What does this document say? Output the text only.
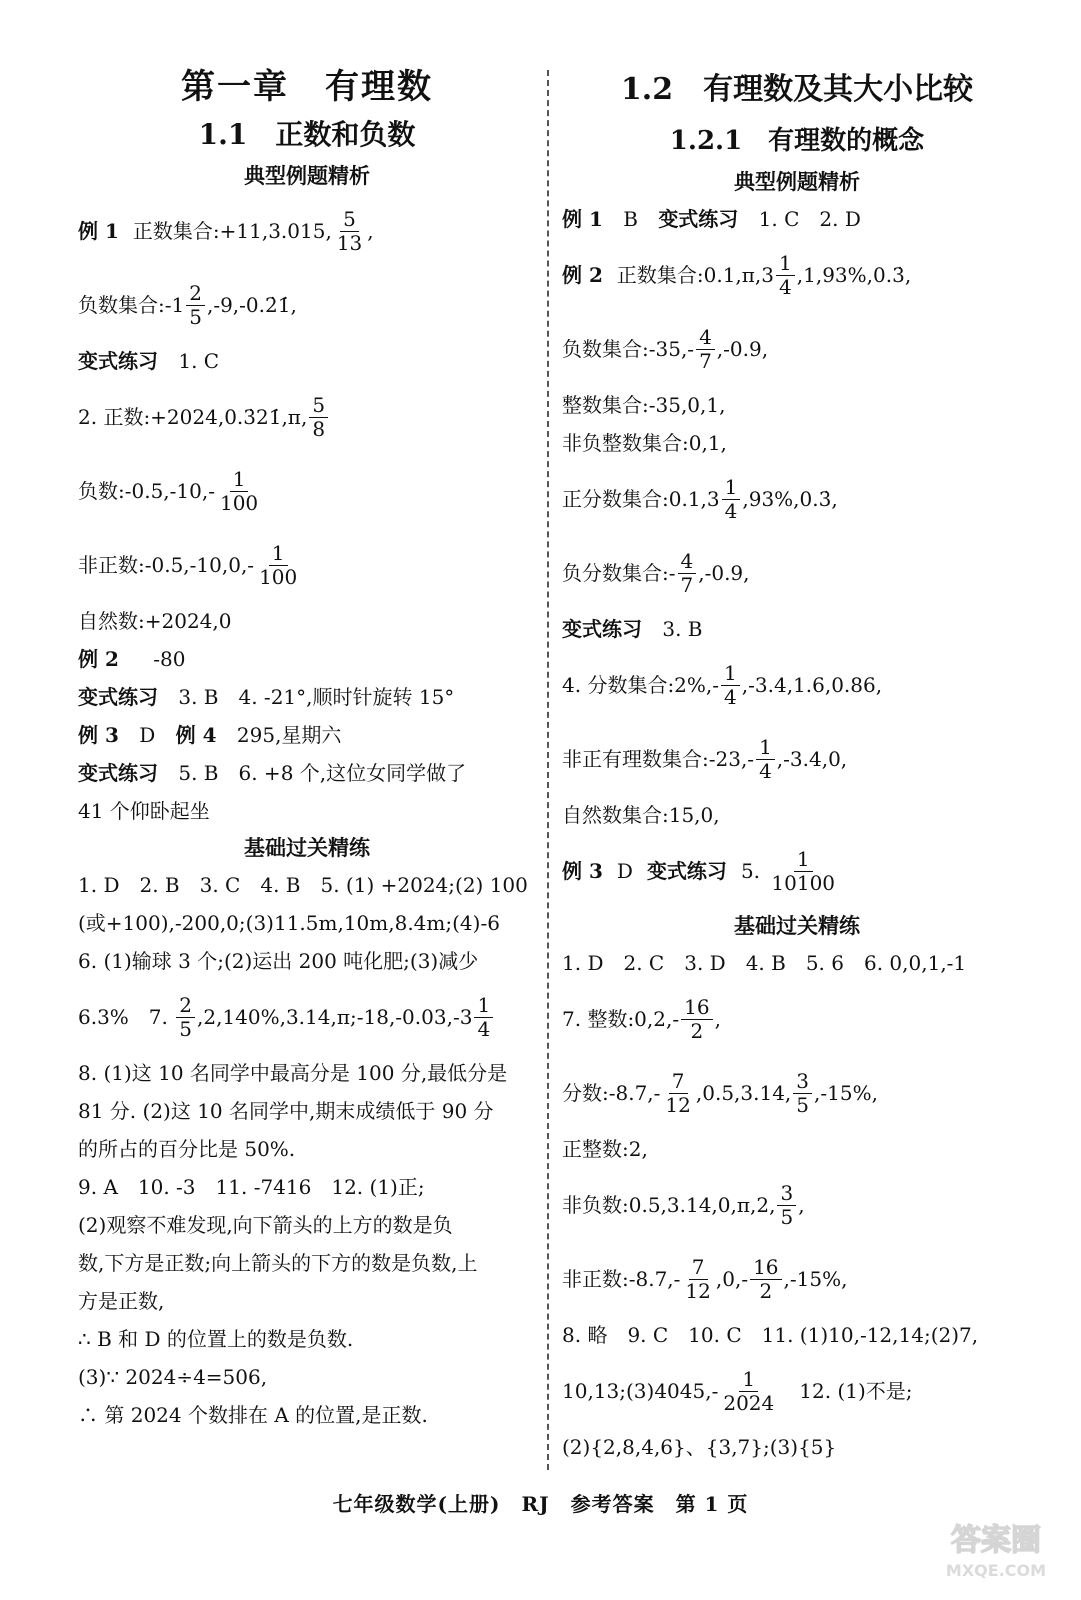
第一章　有理数
1.1　正数和负数
典型例题精析
例 1 正数集合:+11,3.015, $\frac{5}{13}$ ,
负数集合:-1 $\frac{2}{5}$ ,-9,-0.2̇1̇,
变式练习 1. C
2. 正数:+2024,0.3̇21̇,π, $\frac{5}{8}$
负数:-0.5,-10,- $\frac{1}{100}$
非正数:-0.5,-10,0,- $\frac{1}{100}$
自然数:+2024,0
例 2 -80
变式练习 3. B　4. -21°,顺时针旋转 15°
例 3 D 例 4 295,星期六
变式练习 5. B　6. +8 个,这位女同学做了
41 个仰卧起坐
基础过关精练
1. D　2. B　3. C　4. B　5. (1) +2024;(2) 100
(或+100),-200,0;(3)11.5m,10m,8.4m;(4)-6
6. (1)输球 3 个;(2)运出 200 吨化肥;(3)减少
6.3%　7. $\frac{2}{5}$ ,2,140%,3.14,π;-18,-0.03,-3 $\frac{1}{4}$
8. (1)这 10 名同学中最高分是 100 分,最低分是
81 分. (2)这 10 名同学中,期末成绩低于 90 分
的所占的百分比是 50%.
9. A　10. -3　11. -7416　12. (1)正;
(2)观察不难发现,向下箭头的上方的数是负
数,下方是正数;向上箭头的下方的数是负数,上
方是正数,
∴ B 和 D 的位置上的数是负数.
(3)∵ 2024÷4=506,
∴ 第 2024 个数排在 A 的位置,是正数.
1.2　有理数及其大小比较
1.2.1　有理数的概念
典型例题精析
例 1 B 变式练习 1. C　2. D
例 2 正数集合:0.1,π,3 $\frac{1}{4}$ ,1,93%,0.3̇,
负数集合:-35,- $\frac{4}{7} ,-0.9$,
整数集合:-35,0,1,
非负整数集合:0,1,
正分数集合:0.1,3 $\frac{1}{4}$ ,93%,0.3̇,
负分数集合:- $\frac{4}{7} ,-0.9$,
变式练习 3. B
4. 分数集合:2%,- $\frac{1}{4} ,-3.4,1.6,0.86$,
非正有理数集合:-23,- $\frac{1}{4} ,-3.4,0$,
自然数集合:15,0,
例 3 D 变式练习 5. $\frac{1}{10100}$
基础过关精练
1. D　2. C　3. D　4. B　5. 6　6. 0,0,1,-1
7. 整数:0,2,- $\frac{16}{2}$ ,
分数:-8.7,- $\frac{7}{12} ,0.5,3.14$, $\frac{3}{5} ,-15\%$,
正整数:2,
非负数:0.5,3.14,0,π,2, $\frac{3}{5}$ ,
非正数:-8.7,- $\frac{7}{12} ,0,- \frac{16}{2} ,-15\%$,
8. 略　9. C　10. C　11. (1)10,-12,14;(2)7,
10,13;(3)4045,- $\frac{1}{2024}$ 　12. (1)不是;
(2){2,8,4,6}、{3,7};(3){5}
七年级数学(上册)　RJ　参考答案　第 1 页
答案圈
MXQE.COM
